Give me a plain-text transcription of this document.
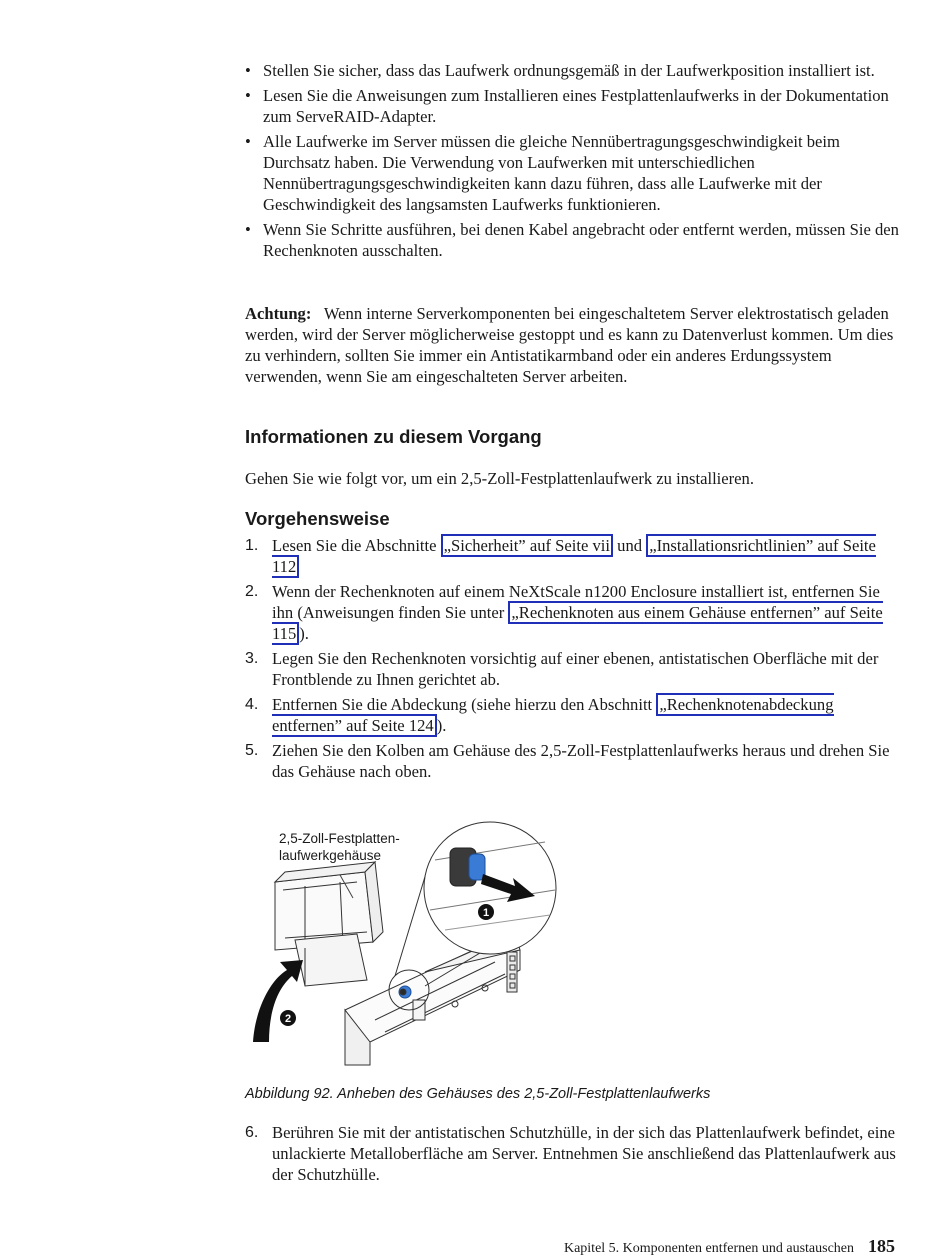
• Stellen Sie sicher, dass das Laufwerk ordnungsgemäß in der Laufwerkposition installiert ist.
• Lesen Sie die Anweisungen zum Installieren eines Festplattenlaufwerks in der Dokumentation zum ServeRAID-Adapter.
• Alle Laufwerke im Server müssen die gleiche Nennübertragungsgeschwindigkeit beim Durchsatz haben. Die Verwendung von Laufwerken mit unterschiedlichen Nennübertragungsgeschwindigkeiten kann dazu führen, dass alle Laufwerke mit der Geschwindigkeit des langsamsten Laufwerks funktionieren.
• Wenn Sie Schritte ausführen, bei denen Kabel angebracht oder entfernt werden, müssen Sie den Rechenknoten ausschalten.

Achtung: Wenn interne Serverkomponenten bei eingeschaltetem Server elektrostatisch geladen werden, wird der Server möglicherweise gestoppt und es kann zu Datenverlust kommen. Um dies zu verhindern, sollten Sie immer ein Antistatikarmband oder ein anderes Erdungssystem verwenden, wenn Sie am eingeschalteten Server arbeiten.

Informationen zu diesem Vorgang

Gehen Sie wie folgt vor, um ein 2,5-Zoll-Festplattenlaufwerk zu installieren.

Vorgehensweise
1. Lesen Sie die Abschnitte „Sicherheit” auf Seite vii und „Installationsrichtlinien” auf Seite 112
2. Wenn der Rechenknoten auf einem NeXtScale n1200 Enclosure installiert ist, entfernen Sie ihn (Anweisungen finden Sie unter „Rechenknoten aus einem Gehäuse entfernen” auf Seite 115 ).
3. Legen Sie den Rechenknoten vorsichtig auf einer ebenen, antistatischen Oberfläche mit der Frontblende zu Ihnen gerichtet ab.
4. Entfernen Sie die Abdeckung (siehe hierzu den Abschnitt „Rechenknotenabdeckung entfernen” auf Seite 124 ).
5. Ziehen Sie den Kolben am Gehäuse des 2,5-Zoll-Festplattenlaufwerks heraus und drehen Sie das Gehäuse nach oben.
1
2
2,5-Zoll-Festplatten-
laufwerkgehäuse
Abbildung 92. Anheben des Gehäuses des 2,5-Zoll-Festplattenlaufwerks
6. Berühren Sie mit der antistatischen Schutzhülle, in der sich das Plattenlaufwerk befindet, eine unlackierte Metalloberfläche am Server. Entnehmen Sie anschließend das Plattenlaufwerk aus der Schutzhülle.
Kapitel 5. Komponenten entfernen und austauschen 185
